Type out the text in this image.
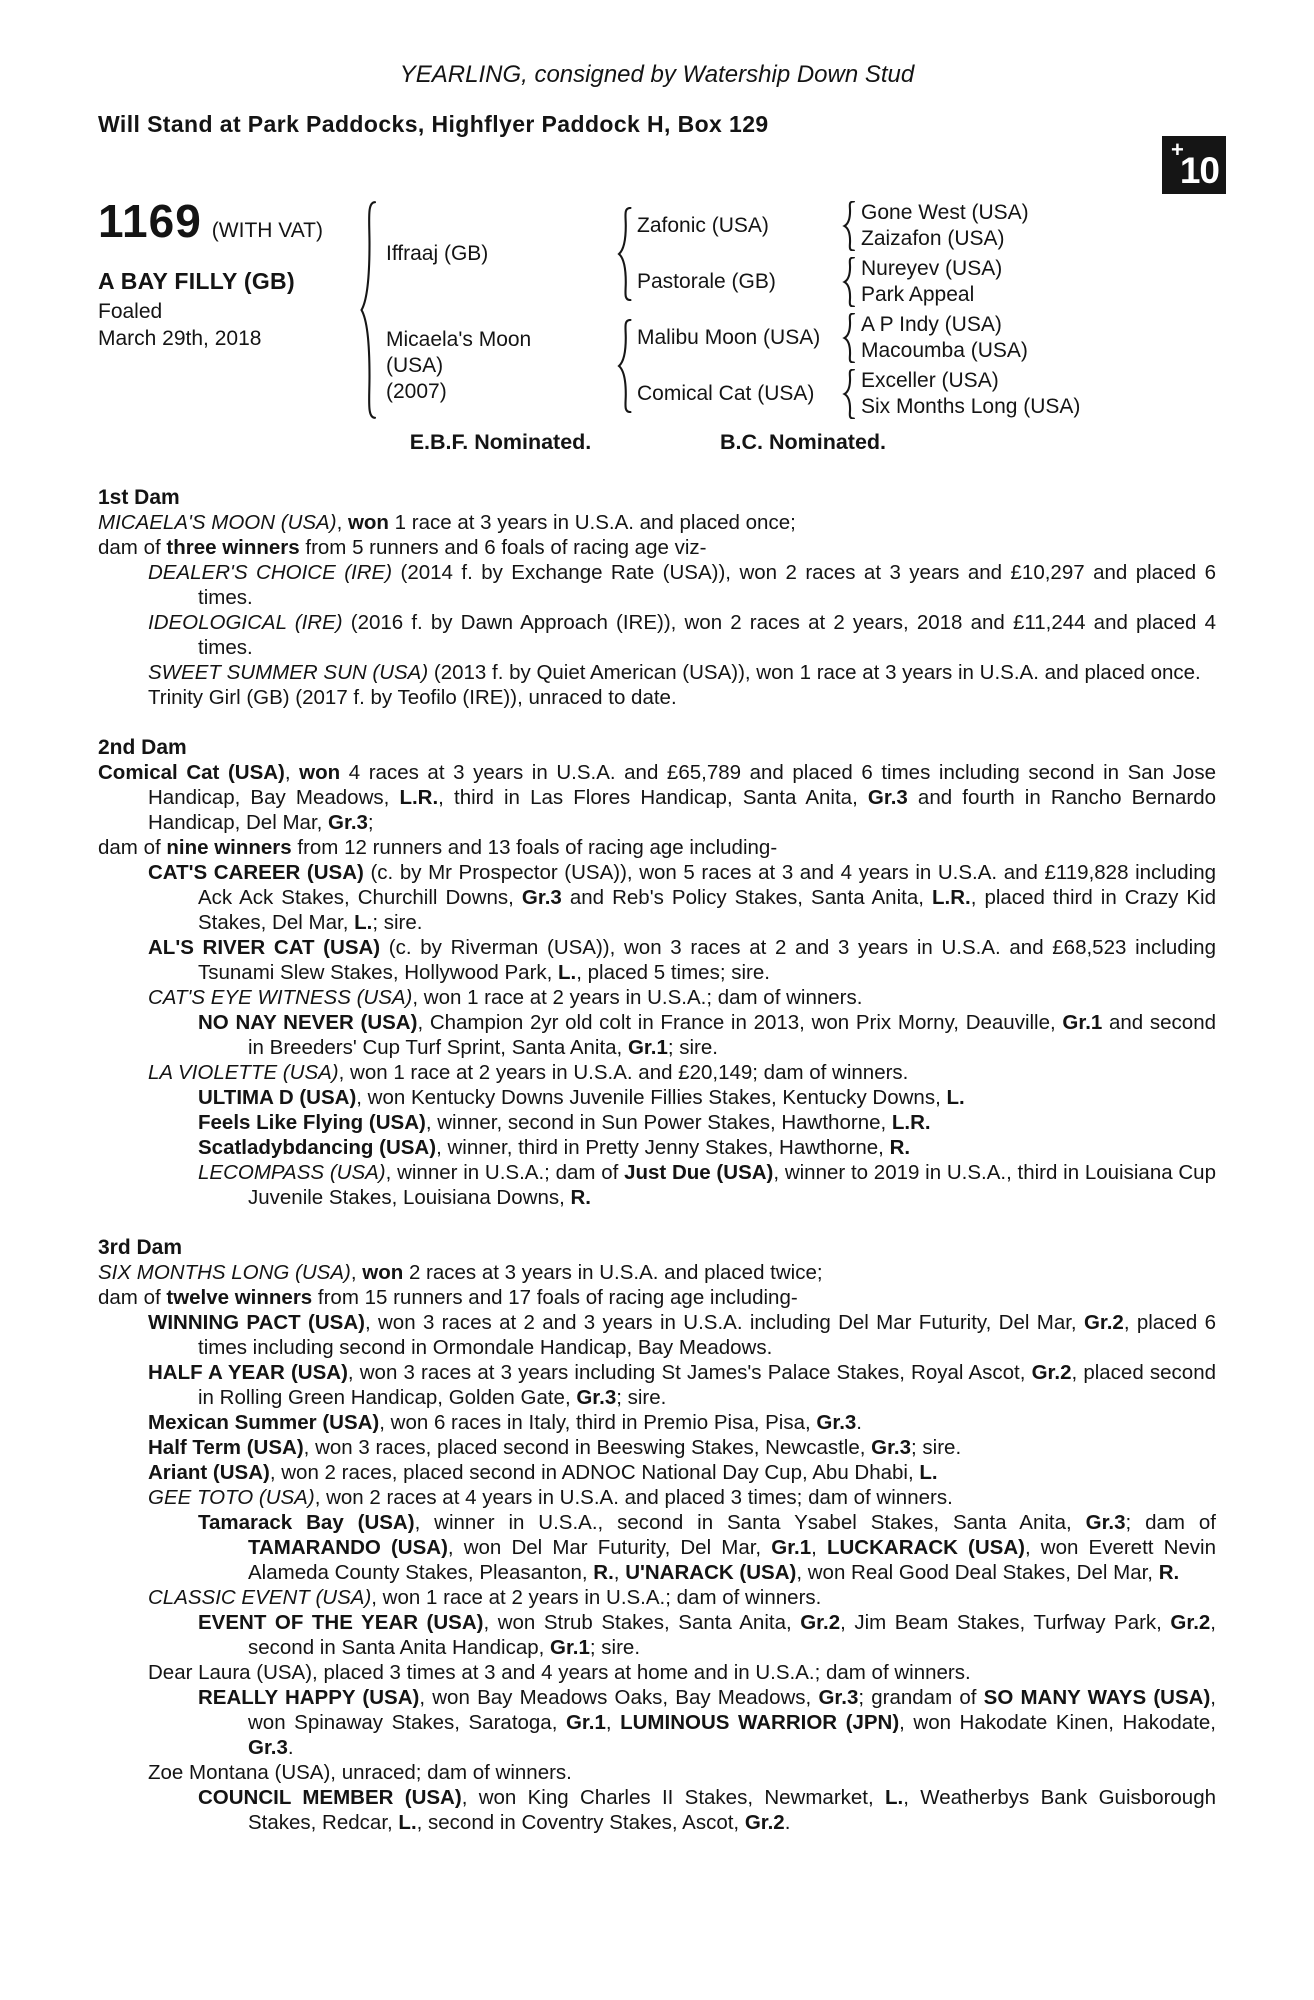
YEARLING, consigned by Watership Down Stud
Will Stand at Park Paddocks, Highflyer Paddock H, Box 129
+
10
1169 (WITH VAT)
A BAY FILLY (GB)
Foaled
March 29th, 2018
Iffraaj (GB)
Zafonic (USA)
Gone West (USA)
Zaizafon (USA)
Pastorale (GB)
Nureyev (USA)
Park Appeal
Micaela's Moon
(USA)
(2007)
Malibu Moon (USA)
A P Indy (USA)
Macoumba (USA)
Comical Cat (USA)
Exceller (USA)
Six Months Long (USA)
E.B.F. Nominated.	B.C. Nominated.
1st Dam
MICAELA'S MOON (USA), won 1 race at 3 years in U.S.A. and placed once;
dam of three winners from 5 runners and 6 foals of racing age viz-
DEALER'S CHOICE (IRE) (2014 f. by Exchange Rate (USA)), won 2 races at 3 years and £10,297 and placed 6 times.
IDEOLOGICAL (IRE) (2016 f. by Dawn Approach (IRE)), won 2 races at 2 years, 2018 and £11,244 and placed 4 times.
SWEET SUMMER SUN (USA) (2013 f. by Quiet American (USA)), won 1 race at 3 years in U.S.A. and placed once.
Trinity Girl (GB) (2017 f. by Teofilo (IRE)), unraced to date.
2nd Dam
Comical Cat (USA), won 4 races at 3 years in U.S.A. and £65,789 and placed 6 times including second in San Jose Handicap, Bay Meadows, L.R., third in Las Flores Handicap, Santa Anita, Gr.3 and fourth in Rancho Bernardo Handicap, Del Mar, Gr.3;
dam of nine winners from 12 runners and 13 foals of racing age including-
CAT'S CAREER (USA) (c. by Mr Prospector (USA)), won 5 races at 3 and 4 years in U.S.A. and £119,828 including Ack Ack Stakes, Churchill Downs, Gr.3 and Reb's Policy Stakes, Santa Anita, L.R., placed third in Crazy Kid Stakes, Del Mar, L.; sire.
AL'S RIVER CAT (USA) (c. by Riverman (USA)), won 3 races at 2 and 3 years in U.S.A. and £68,523 including Tsunami Slew Stakes, Hollywood Park, L., placed 5 times; sire.
CAT'S EYE WITNESS (USA), won 1 race at 2 years in U.S.A.; dam of winners.
NO NAY NEVER (USA), Champion 2yr old colt in France in 2013, won Prix Morny, Deauville, Gr.1 and second in Breeders' Cup Turf Sprint, Santa Anita, Gr.1; sire.
LA VIOLETTE (USA), won 1 race at 2 years in U.S.A. and £20,149; dam of winners.
ULTIMA D (USA), won Kentucky Downs Juvenile Fillies Stakes, Kentucky Downs, L.
Feels Like Flying (USA), winner, second in Sun Power Stakes, Hawthorne, L.R.
Scatladybdancing (USA), winner, third in Pretty Jenny Stakes, Hawthorne, R.
LECOMPASS (USA), winner in U.S.A.; dam of Just Due (USA), winner to 2019 in U.S.A., third in Louisiana Cup Juvenile Stakes, Louisiana Downs, R.
3rd Dam
SIX MONTHS LONG (USA), won 2 races at 3 years in U.S.A. and placed twice;
dam of twelve winners from 15 runners and 17 foals of racing age including-
WINNING PACT (USA), won 3 races at 2 and 3 years in U.S.A. including Del Mar Futurity, Del Mar, Gr.2, placed 6 times including second in Ormondale Handicap, Bay Meadows.
HALF A YEAR (USA), won 3 races at 3 years including St James's Palace Stakes, Royal Ascot, Gr.2, placed second in Rolling Green Handicap, Golden Gate, Gr.3; sire.
Mexican Summer (USA), won 6 races in Italy, third in Premio Pisa, Pisa, Gr.3.
Half Term (USA), won 3 races, placed second in Beeswing Stakes, Newcastle, Gr.3; sire.
Ariant (USA), won 2 races, placed second in ADNOC National Day Cup, Abu Dhabi, L.
GEE TOTO (USA), won 2 races at 4 years in U.S.A. and placed 3 times; dam of winners.
Tamarack Bay (USA), winner in U.S.A., second in Santa Ysabel Stakes, Santa Anita, Gr.3; dam of TAMARANDO (USA), won Del Mar Futurity, Del Mar, Gr.1, LUCKARACK (USA), won Everett Nevin Alameda County Stakes, Pleasanton, R., U'NARACK (USA), won Real Good Deal Stakes, Del Mar, R.
CLASSIC EVENT (USA), won 1 race at 2 years in U.S.A.; dam of winners.
EVENT OF THE YEAR (USA), won Strub Stakes, Santa Anita, Gr.2, Jim Beam Stakes, Turfway Park, Gr.2, second in Santa Anita Handicap, Gr.1; sire.
Dear Laura (USA), placed 3 times at 3 and 4 years at home and in U.S.A.; dam of winners.
REALLY HAPPY (USA), won Bay Meadows Oaks, Bay Meadows, Gr.3; grandam of SO MANY WAYS (USA), won Spinaway Stakes, Saratoga, Gr.1, LUMINOUS WARRIOR (JPN), won Hakodate Kinen, Hakodate, Gr.3.
Zoe Montana (USA), unraced; dam of winners.
COUNCIL MEMBER (USA), won King Charles II Stakes, Newmarket, L., Weatherbys Bank Guisborough Stakes, Redcar, L., second in Coventry Stakes, Ascot, Gr.2.
